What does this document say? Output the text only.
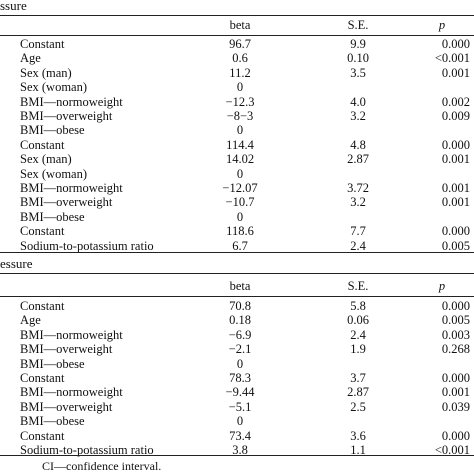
ssure
beta	S.E.	p
Constant	96.7	9.9	0.000
Age	0.6	0.10	<0.001
Sex (man)	11.2	3.5	0.001
Sex (woman)	0
BMI—normoweight	−12.3	4.0	0.002
BMI—overweight	−8−3	3.2	0.009
BMI—obese	0
Constant	114.4	4.8	0.000
Sex (man)	14.02	2.87	0.001
Sex (woman)	0
BMI—normoweight	−12.07	3.72	0.001
BMI—overweight	−10.7	3.2	0.001
BMI—obese	0
Constant	118.6	7.7	0.000
Sodium-to-potassium ratio	6.7	2.4	0.005
essure
beta	S.E.	p
Constant	70.8	5.8	0.000
Age	0.18	0.06	0.005
BMI—normoweight	−6.9	2.4	0.003
BMI—overweight	−2.1	1.9	0.268
BMI—obese	0
Constant	78.3	3.7	0.000
BMI—normoweight	−9.44	2.87	0.001
BMI—overweight	−5.1	2.5	0.039
BMI—obese	0
Constant	73.4	3.6	0.000
Sodium-to-potassium ratio	3.8	1.1	<0.001
CI—confidence interval.
